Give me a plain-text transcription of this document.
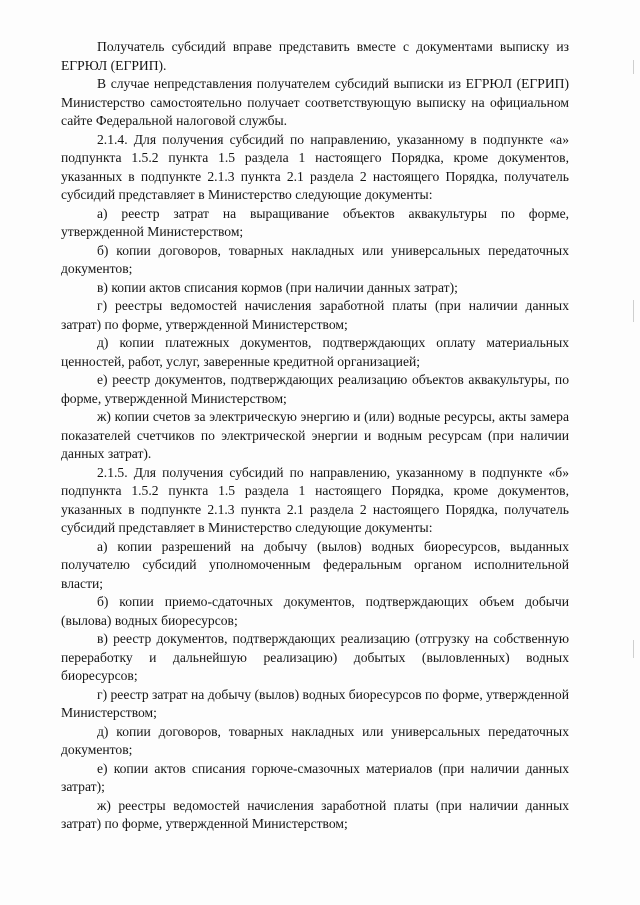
Получатель субсидий вправе представить вместе с документами выписку из ЕГРЮЛ (ЕГРИП).

В случае непредставления получателем субсидий выписки из ЕГРЮЛ (ЕГРИП) Министерство самостоятельно получает соответствующую выписку на официальном сайте Федеральной налоговой службы.

2.1.4. Для получения субсидий по направлению, указанному в подпункте «а» подпункта 1.5.2 пункта 1.5 раздела 1 настоящего Порядка, кроме документов, указанных в подпункте 2.1.3 пункта 2.1 раздела 2 настоящего Порядка, получатель субсидий представляет в Министерство следующие документы:

а) реестр затрат на выращивание объектов аквакультуры по форме, утвержденной Министерством;

б) копии договоров, товарных накладных или универсальных передаточных документов;

в) копии актов списания кормов (при наличии данных затрат);

г) реестры ведомостей начисления заработной платы (при наличии данных затрат) по форме, утвержденной Министерством;

д) копии платежных документов, подтверждающих оплату материальных ценностей, работ, услуг, заверенные кредитной организацией;

е) реестр документов, подтверждающих реализацию объектов аквакультуры, по форме, утвержденной Министерством;

ж) копии счетов за электрическую энергию и (или) водные ресурсы, акты замера показателей счетчиков по электрической энергии и водным ресурсам (при наличии данных затрат).

2.1.5. Для получения субсидий по направлению, указанному в подпункте «б» подпункта 1.5.2 пункта 1.5 раздела 1 настоящего Порядка, кроме документов, указанных в подпункте 2.1.3 пункта 2.1 раздела 2 настоящего Порядка, получатель субсидий представляет в Министерство следующие документы:

а) копии разрешений на добычу (вылов) водных биоресурсов, выданных получателю субсидий уполномоченным федеральным органом исполнительной власти;

б) копии приемо-сдаточных документов, подтверждающих объем добычи (вылова) водных биоресурсов;

в) реестр документов, подтверждающих реализацию (отгрузку на собственную переработку и дальнейшую реализацию) добытых (выловленных) водных биоресурсов;

г) реестр затрат на добычу (вылов) водных биоресурсов по форме, утвержденной Министерством;

д) копии договоров, товарных накладных или универсальных передаточных документов;

е) копии актов списания горюче-смазочных материалов (при наличии данных затрат);

ж) реестры ведомостей начисления заработной платы (при наличии данных затрат) по форме, утвержденной Министерством;
